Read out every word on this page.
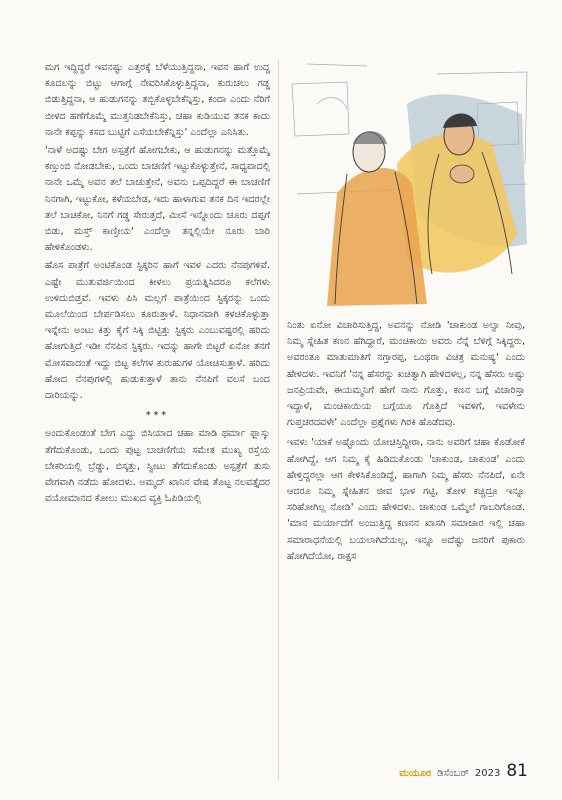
ಮಗ ಇದ್ದಿದ್ದರೆ ಇವನಷ್ಟು ಎತ್ತರಕ್ಕೆ ಬೆಳೆಯುತ್ತಿದ್ದನಾ, ಇವನ ಹಾಗೆ ಉದ್ದ ಕೂದಲನ್ನು ಬಿಟ್ಟು ಆಗಾಗ್ಗೆ ನೇವರಿಸಿಕೊಳ್ಳುತ್ತಿದ್ದನಾ, ಕುರುಚಲು ಗಡ್ಡ ಬಿಡುತ್ತಿದ್ದನಾ, ಆ ಹುಡುಗನನ್ನು ತಬ್ಬಿಕೊಳ್ಳಬೇಕೆನ್ನಿಸ್ತು, ಕಂದಾ ಎಂದು ನೆರಿಗೆ ಬೀಳದ ಹಣೆಗೊಮ್ಮೆ ಮುತ್ತನಿಡಬೇಕೆನಿಸ್ತು, ಚಹಾ ಕುಡಿಯುವ ತನಕ ಕಾದು ನಾನೇ ಕಪ್ಪನ್ನು ಕಸದ ಬುಟ್ಟಿಗೆ ಎಸೆಯಬೇಕೆನ್ನಿಸ್ತು' ಎಂದೆಲ್ಲಾ ಎನಿಸಿತು.

'ನಾಳೆ ಅದಷ್ಟು ಬೇಗ ಅಸ್ಪತ್ರೆಗೆ ಹೋಗಬೇಕು, ಆ ಹುಡುಗನನ್ನು ಮತ್ತೊಮ್ಮೆ ಕಣ್ತುಂಬಿ ನೋಡಬೇಕು, ಒಂದು ಬಾಚಣಿಗೆ ಇಟ್ಟುಕೊಳ್ಳುತ್ತೇನೆ, ಸಾಧ್ಯವಾದಲ್ಲಿ ನಾನೇ ಒಮ್ಮೆ ಅವನ ತಲೆ ಬಾಚುತ್ತೇನೆ, ಅವನು ಒಪ್ಪದಿದ್ದರೆ ಈ ಬಾಚಣಿಗೆ ನಿನಗಾಗಿ, ಇಟ್ಟುಕೋ, ಕಳೆಯಬೇಡ, ಇದು ಹಾಳಾಗುವ ತನಕ ದಿನ ಇದರಲ್ಲೇ ತಲೆ ಬಾಚಿಕೋ, ನಿನಗೆ ಗಡ್ಡ ಸೇರುತ್ತದೆ, ಮೀಸೆ ಇನ್ನೊಂದು ಚೂರು ದಪ್ಪಗೆ ಬಿಡು, ಮಸ್ತ್ ಕಾಣ್ತೀಯ' ಎಂದೆಲ್ಲಾ ತನ್ನಲ್ಲಿಯೇ ನೂರು ಬಾರಿ ಹೇಳಿಕೊಂಡಳು.

ಹೊಸ ಪಾತ್ರೆಗೆ ಅಂಟಿಕೊಂಡ ಸ್ಟಿಕ್ಕರಿನ ಹಾಗೆ ಇವಳ ಎದರು ನೆನಪುಗಳಿವೆ. ಎಷ್ಟೇ ಮುತುವರ್ಜಿಯಿಂದ ಕೀಳಲು ಪ್ರಯತ್ನಿಸಿದರೂ ಕಲೆಗಳು ಉಳಿದುಬಿಡ್ತವೆ. ಇವಳು ಪಿಸಿ ಮಲ್ಲಗೆ ಪಾತ್ರೆಯಿಂದ ಸ್ಟಿಕ್ಕರನ್ನು ಒಂದು ಮೂಲೆಯಿಂದ ಬೇರ್ಪಡಿಸಲು ಕೂರುತ್ತಾಳೆ. ನಿಧಾನವಾಗಿ ಕಳಚಿಕೊಳ್ಳುತ್ತಾ ಇನ್ನೇನು ಅಂಟು ಕಿತ್ತು ಕೈಗೆ ಸಿಕ್ಕಿ ಬಿಟ್ಟಿತ್ತು ಸ್ಟಿಕ್ಕರು ಎಂಬುವಷ್ಟರಲ್ಲಿ ಹರಿದು ಹೋಗುತ್ತಿದೆ ಇಡೀ ನೆನಪಿನ ಸ್ಟಿಕ್ಕರು. ಇದನ್ನು ಹಾಗೇ ಬಿಟ್ಟರೆ ಏನೋ ತನಗೆ ಮೋಸವಾದಂತೆ ಇದ್ದು ಬಿಟ್ಟ ಕಲೆಗಳ ಕುರುಹುಗಳ ಯೋಚಿಸುತ್ತಾಳೆ. ಹರಿದು ಹೋದ ನೆನಪುಗಳಲ್ಲಿ ಹುಡುಕುತ್ತಾಳೆ ತಾನು ನೆನಪಿಗೆ ವಲಸೆ ಬಂದ ದಾರಿಯನ್ನು.

***

ಅಂದುಕೊಂಡಂತೆ ಬೇಗ ಎದ್ದು ಬಿಸಿಯಾದ ಚಹಾ ಮಾಡಿ ಥರ್ಮಾ ಫ್ಲಾಸ್ಕು ತೆಗೆದುಕೊಂಡು, ಒಂದು ಪುಟ್ಟ ಬಾಚಣಿಗೆಯ ಸಮೇತ ಮುಖ್ಯ ರಸ್ತೆಯ ಬೇಕರಿಯಲ್ಲಿ ಬ್ರೆಡ್ಡು, ಬಿಸ್ಕತ್ತು, ಸ್ವೀಟು ತೆಗೆದುಕೊಂಡು ಅಸ್ಪತ್ರೆಗೆ ತುಸು ವೇಗವಾಗಿ ನಡೆದು ಹೋದಳು. ಅಮ್ಮದ್ ಖಾನಿನ ವೇಷ ತೊಟ್ಟ ನಲವತ್ತೈದರ ವಯೋಮಾನದ ಕೋಲು ಮುಖದ ವ್ಯಕ್ತಿ ಓಪಿಡಿಯಲ್ಲಿ

ನಿಂತು ಏನೋ ವಿಚಾರಿಸುತ್ತಿದ್ದ, ಅವನನ್ನು ನೋಡಿ 'ಚಾಕುಂಡ ಅಲ್ವಾ ನೀವು, ನಿಮ್ಮ ಸ್ನೇಹಿತ ಕಣನ ಹೆಗಿದ್ದಾರೆ, ಮಂಚಿಕಾಯಿ ಅವರು ನೆನ್ನೆ ಬೆಳಿಗ್ಗೆ ಸಿಕ್ಕಿದ್ದರು, ಅವರಂತೂ ಮಾತುಮಾತಿಗೆ ನಗ್ತಾರಪ್ಪ, ಒಂಥರಾ ವಿಚಿತ್ರ ಮನುಷ್ಯ' ಎಂದು ಹೇಳಿದಳು. ಇವನಿಗೆ 'ನನ್ನ ಹೆಸರನ್ನು ಖಚಿತ್ವಾಗಿ ಹೇಳಿದಳಲ್ಲ, ನನ್ನ ಹೆಸರು ಅಷ್ಟು ಜನಪ್ರಿಯವೇ, ಈಯಮ್ಮನಿಗೆ ಹೇಗೆ ನಾನು ಗೊತ್ತು, ಕಣನ ಬಗ್ಗೆ ವಿಚಾರಿಸ್ತಾ ಇದ್ದಾಳೆ, ಮಂಚಿಕಾಯಿಯ ಬಗ್ಗೆಯೂ ಗೊತ್ತಿದೆ ಇವಳಿಗೆ, ಇವಳೇನು ಗುಪ್ತಚರದವಳೇ' ಎಂದೆಲ್ಲಾ ಪ್ರಶ್ನೆಗಳು ಗಿರಕಿ ಹೊಡೆದವು.

ಇವಳು 'ಯಾಕೆ ಅಷ್ಟೊಂದು ಯೋಚಿಸ್ತಿದ್ದೀರಾ, ನಾನು ಅವರಿಗೆ ಚಹಾ ಕೊಡೋಕೆ ಹೋಗಿದ್ದೆ, ಆಗ ನಿಮ್ಮ ಕೈ ಹಿಡಿದುಕೊಂಡು 'ಚಾಕುಂಡ, ಚಾಕುಂಡ' ಎಂದು ಹೇಳ್ತಿದ್ದರಲ್ಲಾ ಆಗ ಕೇಳಿಸಿಕೊಂಡಿದ್ದೆ, ಹಾಗಾಗಿ ನಿಮ್ಮ ಹೆಸರು ನೆನಪಿದೆ, ಏನೇ ಆದರೂ ನಿಮ್ಮ ಸ್ನೇಹಿತನ ಜೀವ ಭಾಳ ಗಟ್ಟಿ, ತೋಳ ಕಚ್ಚಿದ್ರೂ ಇನ್ನೂ ಸರಿಹೋಗಿಲ್ಲ ನೋಡಿ' ಎಂದು ಹೇಳಿದಳು. ಚಾಕುಂಡ ಒಮ್ಮೆಲೆ ಗಾಬರಿಗೊಂಡ. 'ಮಾನ ಮರ್ಯಾದೆಗೆ ಅಂಜುತ್ತಿದ್ದ ಕಣನನ ಖಾಸಗಿ ಸಮಾಚಾರ ಇಲ್ಲಿ ಚಹಾ ಸಮಾರಾಧನೆಯಲ್ಲಿ ಬಯಲಾಗಿದೆಯಲ್ಲ, ಇನ್ನೂ ಅದೆಷ್ಟು ಜನರಿಗೆ ಪುಕಾರು ಹೋಗಿದೆಯೋ, ರಾಕ್ಷಸ

ಮಯೂರ ಡಿಸೆಂಬರ್ 2023 81
